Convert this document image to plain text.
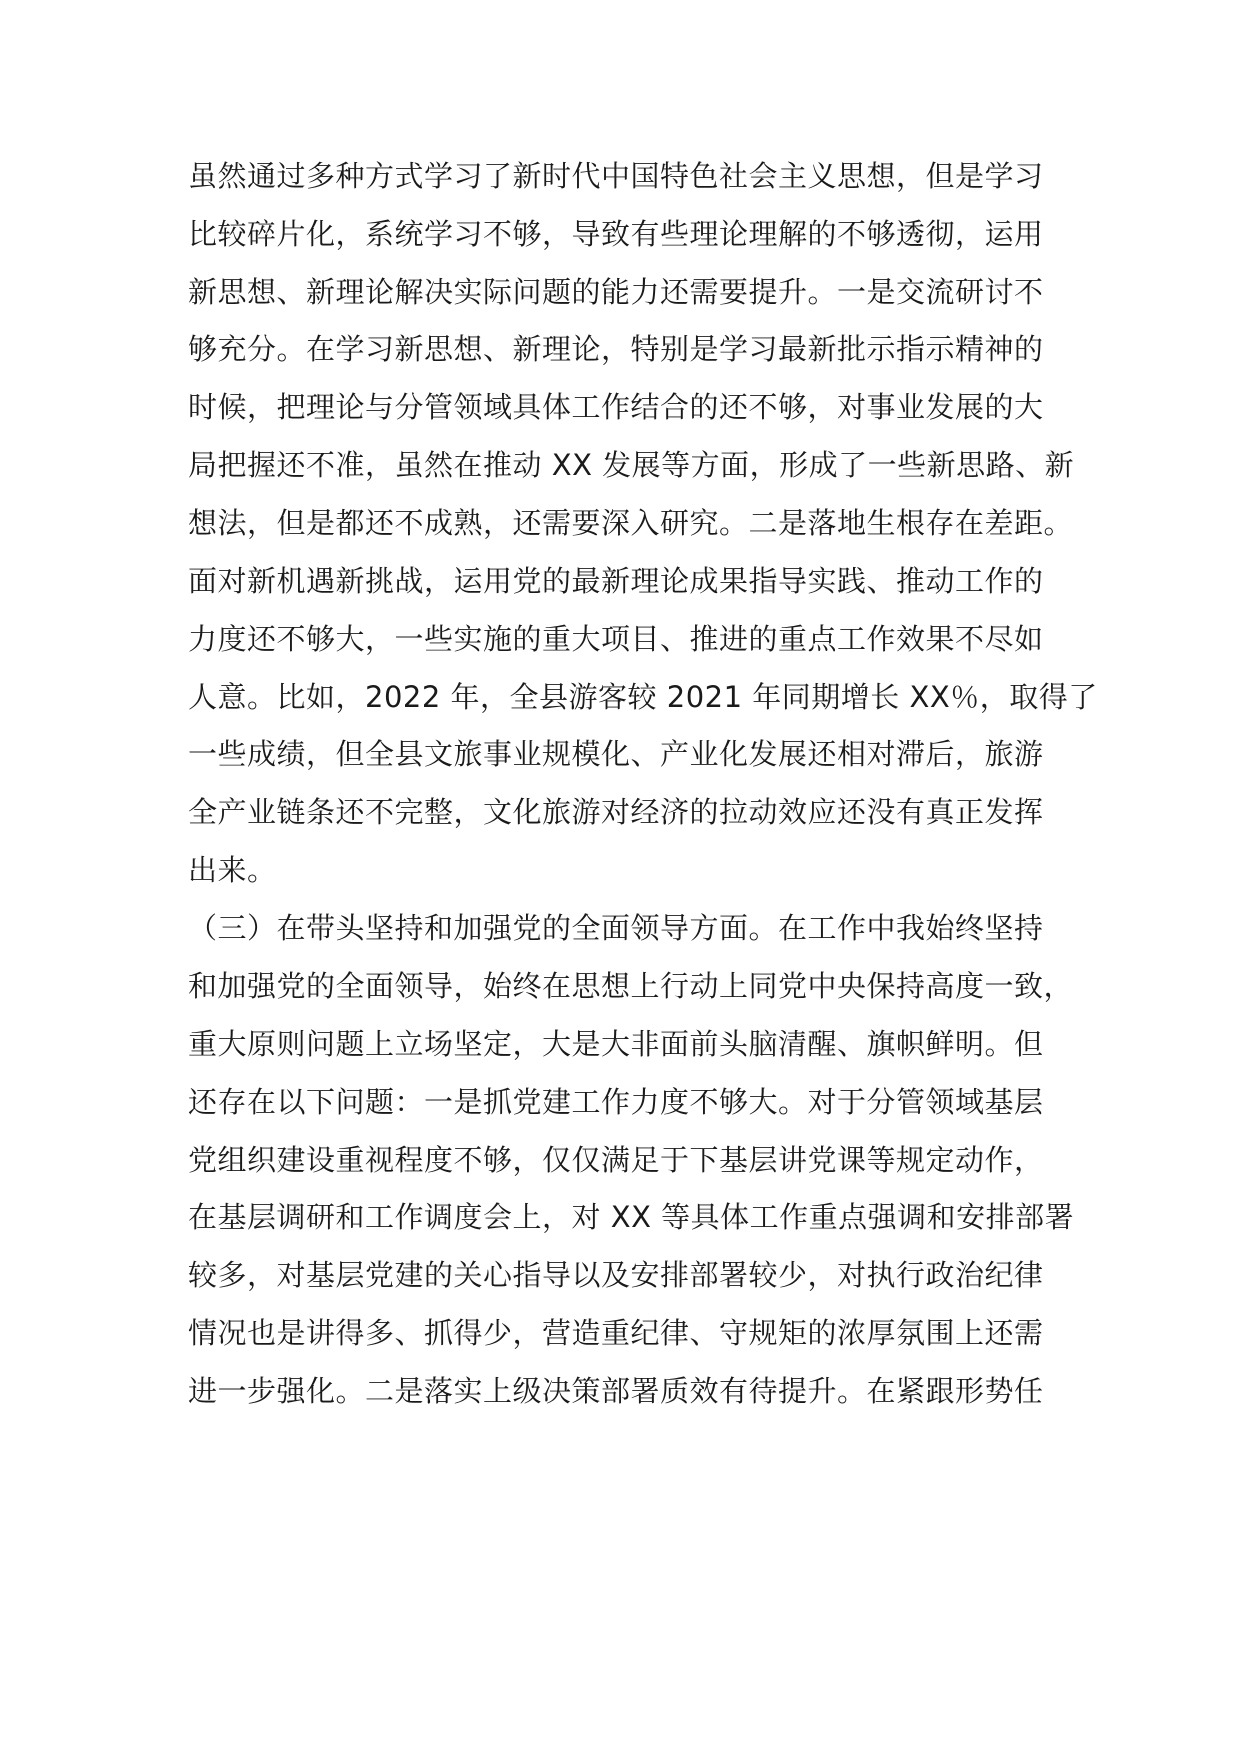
虽然通过多种方式学习了新时代中国特色社会主义思想，但是学习
比较碎片化，系统学习不够，导致有些理论理解的不够透彻，运用
新思想、新理论解决实际问题的能力还需要提升。一是交流研讨不
够充分。在学习新思想、新理论，特别是学习最新批示指示精神的
时候，把理论与分管领域具体工作结合的还不够，对事业发展的大
局把握还不准，虽然在推动 XX 发展等方面，形成了一些新思路、新
想法，但是都还不成熟，还需要深入研究。二是落地生根存在差距。
面对新机遇新挑战，运用党的最新理论成果指导实践、推动工作的
力度还不够大，一些实施的重大项目、推进的重点工作效果不尽如
人意。比如，2022 年，全县游客较 2021 年同期增长 XX％，取得了
一些成绩，但全县文旅事业规模化、产业化发展还相对滞后，旅游
全产业链条还不完整，文化旅游对经济的拉动效应还没有真正发挥
出来。
（三）在带头坚持和加强党的全面领导方面。在工作中我始终坚持
和加强党的全面领导，始终在思想上行动上同党中央保持高度一致，
重大原则问题上立场坚定，大是大非面前头脑清醒、旗帜鲜明。但
还存在以下问题：一是抓党建工作力度不够大。对于分管领域基层
党组织建设重视程度不够，仅仅满足于下基层讲党课等规定动作，
在基层调研和工作调度会上，对 XX 等具体工作重点强调和安排部署
较多，对基层党建的关心指导以及安排部署较少，对执行政治纪律
情况也是讲得多、抓得少，营造重纪律、守规矩的浓厚氛围上还需
进一步强化。二是落实上级决策部署质效有待提升。在紧跟形势任
